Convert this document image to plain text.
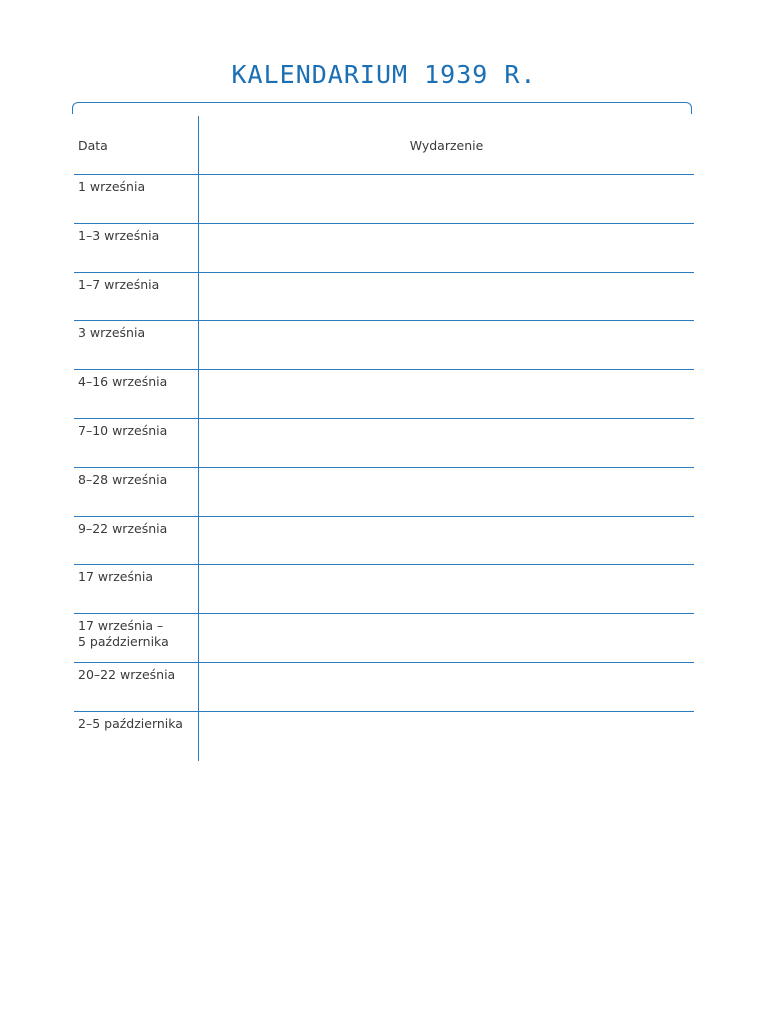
KALENDARIUM 1939 R.
Data	Wydarzenie
1 września
1–3 września
1–7 września
3 września
4–16 września
7–10 września
8–28 września
9–22 września
17 września
17 września –
5 października
20–22 września
2–5 października
